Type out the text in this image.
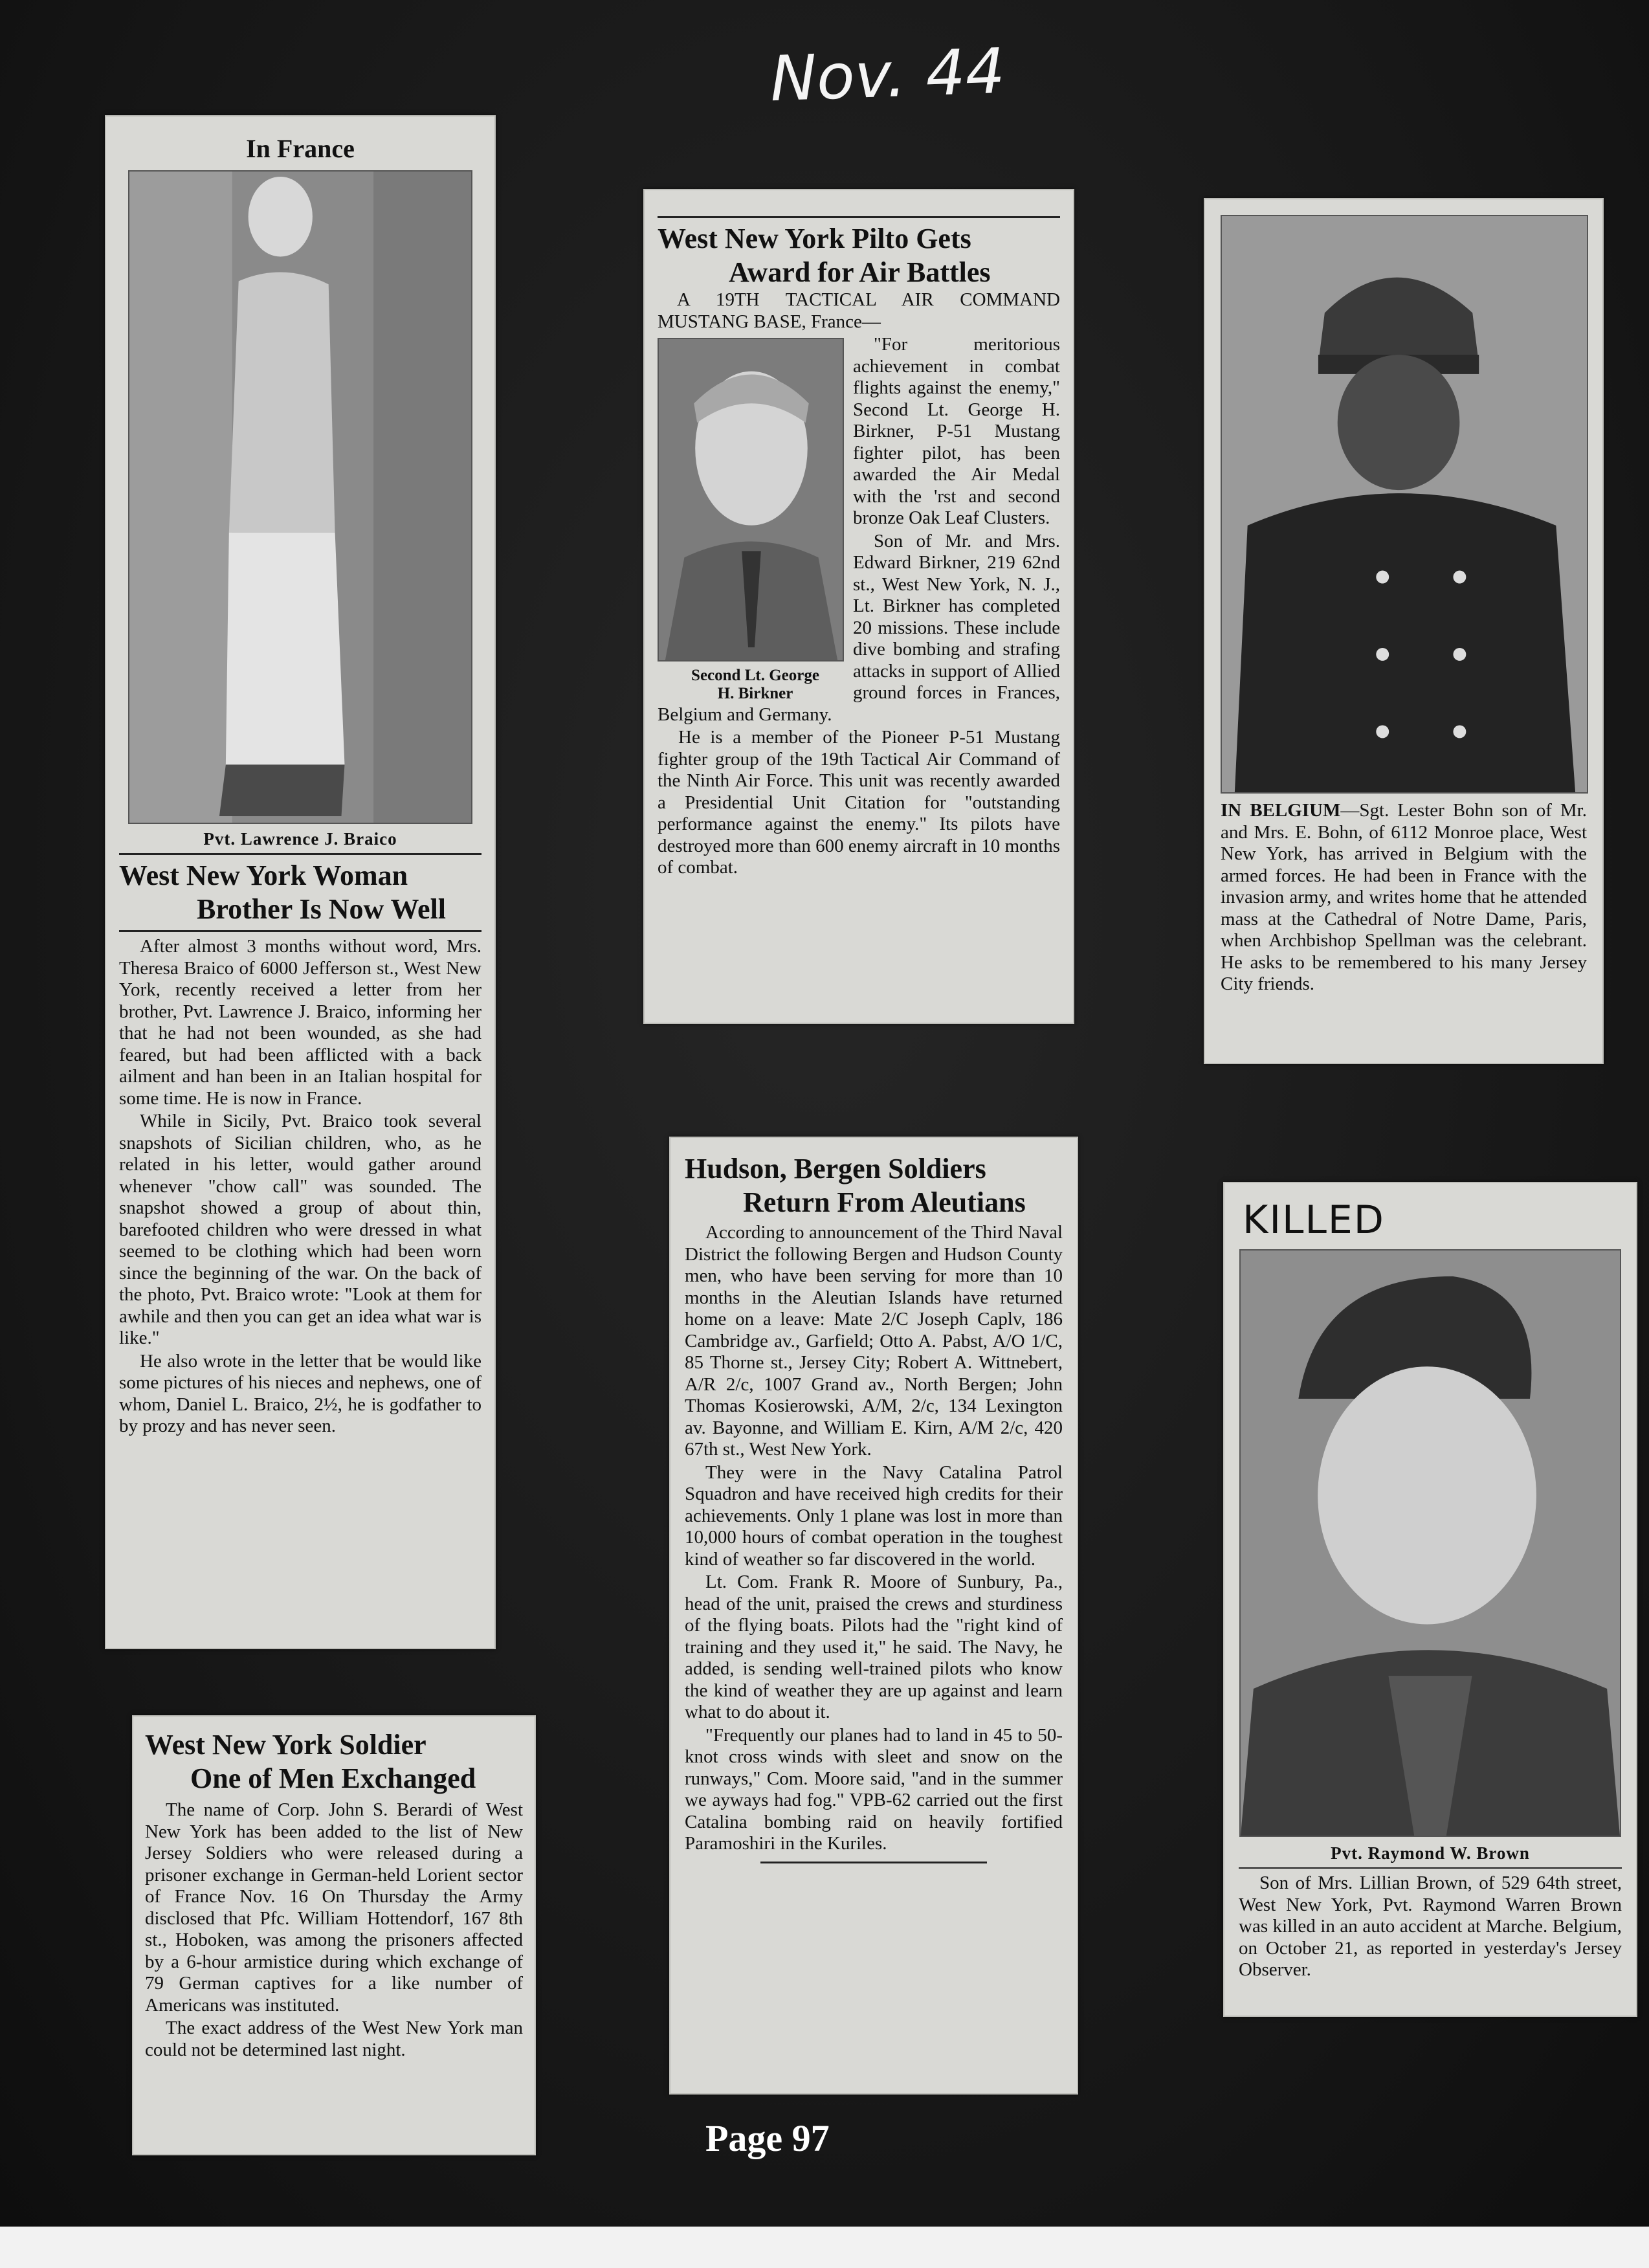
Nov. 44
In France
Pvt. Lawrence J. Braico
West New York Woman
Brother Is Now Well

After almost 3 months without word, Mrs. Theresa Braico of 6000 Jefferson st., West New York, recently received a letter from her brother, Pvt. Lawrence J. Braico, informing her that he had not been wounded, as she had feared, but had been afflicted with a back ailment and han been in an Italian hospital for some time. He is now in France.

While in Sicily, Pvt. Braico took several snapshots of Sicilian children, who, as he related in his letter, would gather around whenever "chow call" was sounded. The snapshot showed a group of about thin, barefooted children who were dressed in what seemed to be clothing which had been worn since the beginning of the war. On the back of the photo, Pvt. Braico wrote: "Look at them for awhile and then you can get an idea what war is like."

He also wrote in the letter that be would like some pictures of his nieces and nephews, one of whom, Daniel L. Braico, 2½, he is godfather to by prozy and has never seen.

West New York Pilto Gets
Award for Air Battles

A 19TH TACTICAL AIR COMMAND MUSTANG BASE, France—

Second Lt. George
H. Birkner

"For meritorious achievement in combat flights against the enemy," Second Lt. George H. Birkner, P-51 Mustang fighter pilot, has been awarded the Air Medal with the 'rst and second bronze Oak Leaf Clusters.

Son of Mr. and Mrs. Edward Birkner, 219 62nd st., West New York, N. J., Lt. Birkner has completed 20 missions. These include dive bombing and strafing attacks in support of Allied ground forces in Frances, Belgium and Germany.

He is a member of the Pioneer P-51 Mustang fighter group of the 19th Tactical Air Command of the Ninth Air Force. This unit was recently awarded a Presidential Unit Citation for "outstanding performance against the enemy." Its pilots have destroyed more than 600 enemy aircraft in 10 months of combat.

IN BELGIUM—Sgt. Lester Bohn son of Mr. and Mrs. E. Bohn, of 6112 Monroe place, West New York, has arrived in Belgium with the armed forces. He had been in France with the invasion army, and writes home that he attended mass at the Cathedral of Notre Dame, Paris, when Archbishop Spellman was the celebrant. He asks to be remembered to his many Jersey City friends.
West New York Soldier
One of Men Exchanged

The name of Corp. John S. Berardi of West New York has been added to the list of New Jersey Soldiers who were released during a prisoner exchange in German-held Lorient sector of France Nov. 16 On Thursday the Army disclosed that Pfc. William Hottendorf, 167 8th st., Hoboken, was among the prisoners affected by a 6-hour armistice during which exchange of 79 German captives for a like number of Americans was instituted.

The exact address of the West New York man could not be determined last night.

Hudson, Bergen Soldiers
Return From Aleutians

According to announcement of the Third Naval District the following Bergen and Hudson County men, who have been serving for more than 10 months in the Aleutian Islands have returned home on a leave: Mate 2/C Joseph Caplv, 186 Cambridge av., Garfield; Otto A. Pabst, A/O 1/C, 85 Thorne st., Jersey City; Robert A. Wittnebert, A/R 2/c, 1007 Grand av., North Bergen; John Thomas Kosierowski, A/M, 2/c, 134 Lexington av. Bayonne, and William E. Kirn, A/M 2/c, 420 67th st., West New York.

They were in the Navy Catalina Patrol Squadron and have received high credits for their achievements. Only 1 plane was lost in more than 10,000 hours of combat operation in the toughest kind of weather so far discovered in the world.

Lt. Com. Frank R. Moore of Sunbury, Pa., head of the unit, praised the crews and sturdiness of the flying boats. Pilots had the "right kind of training and they used it," he said. The Navy, he added, is sending well-trained pilots who know the kind of weather they are up against and learn what to do about it.

"Frequently our planes had to land in 45 to 50-knot cross winds with sleet and snow on the runways," Com. Moore said, "and in the summer we ayways had fog." VPB-62 carried out the first Catalina bombing raid on heavily fortified Paramoshiri in the Kuriles.

KILLED
Pvt. Raymond W. Brown

Son of Mrs. Lillian Brown, of 529 64th street, West New York, Pvt. Raymond Warren Brown was killed in an auto accident at Marche. Belgium, on October 21, as reported in yesterday's Jersey Observer.

Page 97
